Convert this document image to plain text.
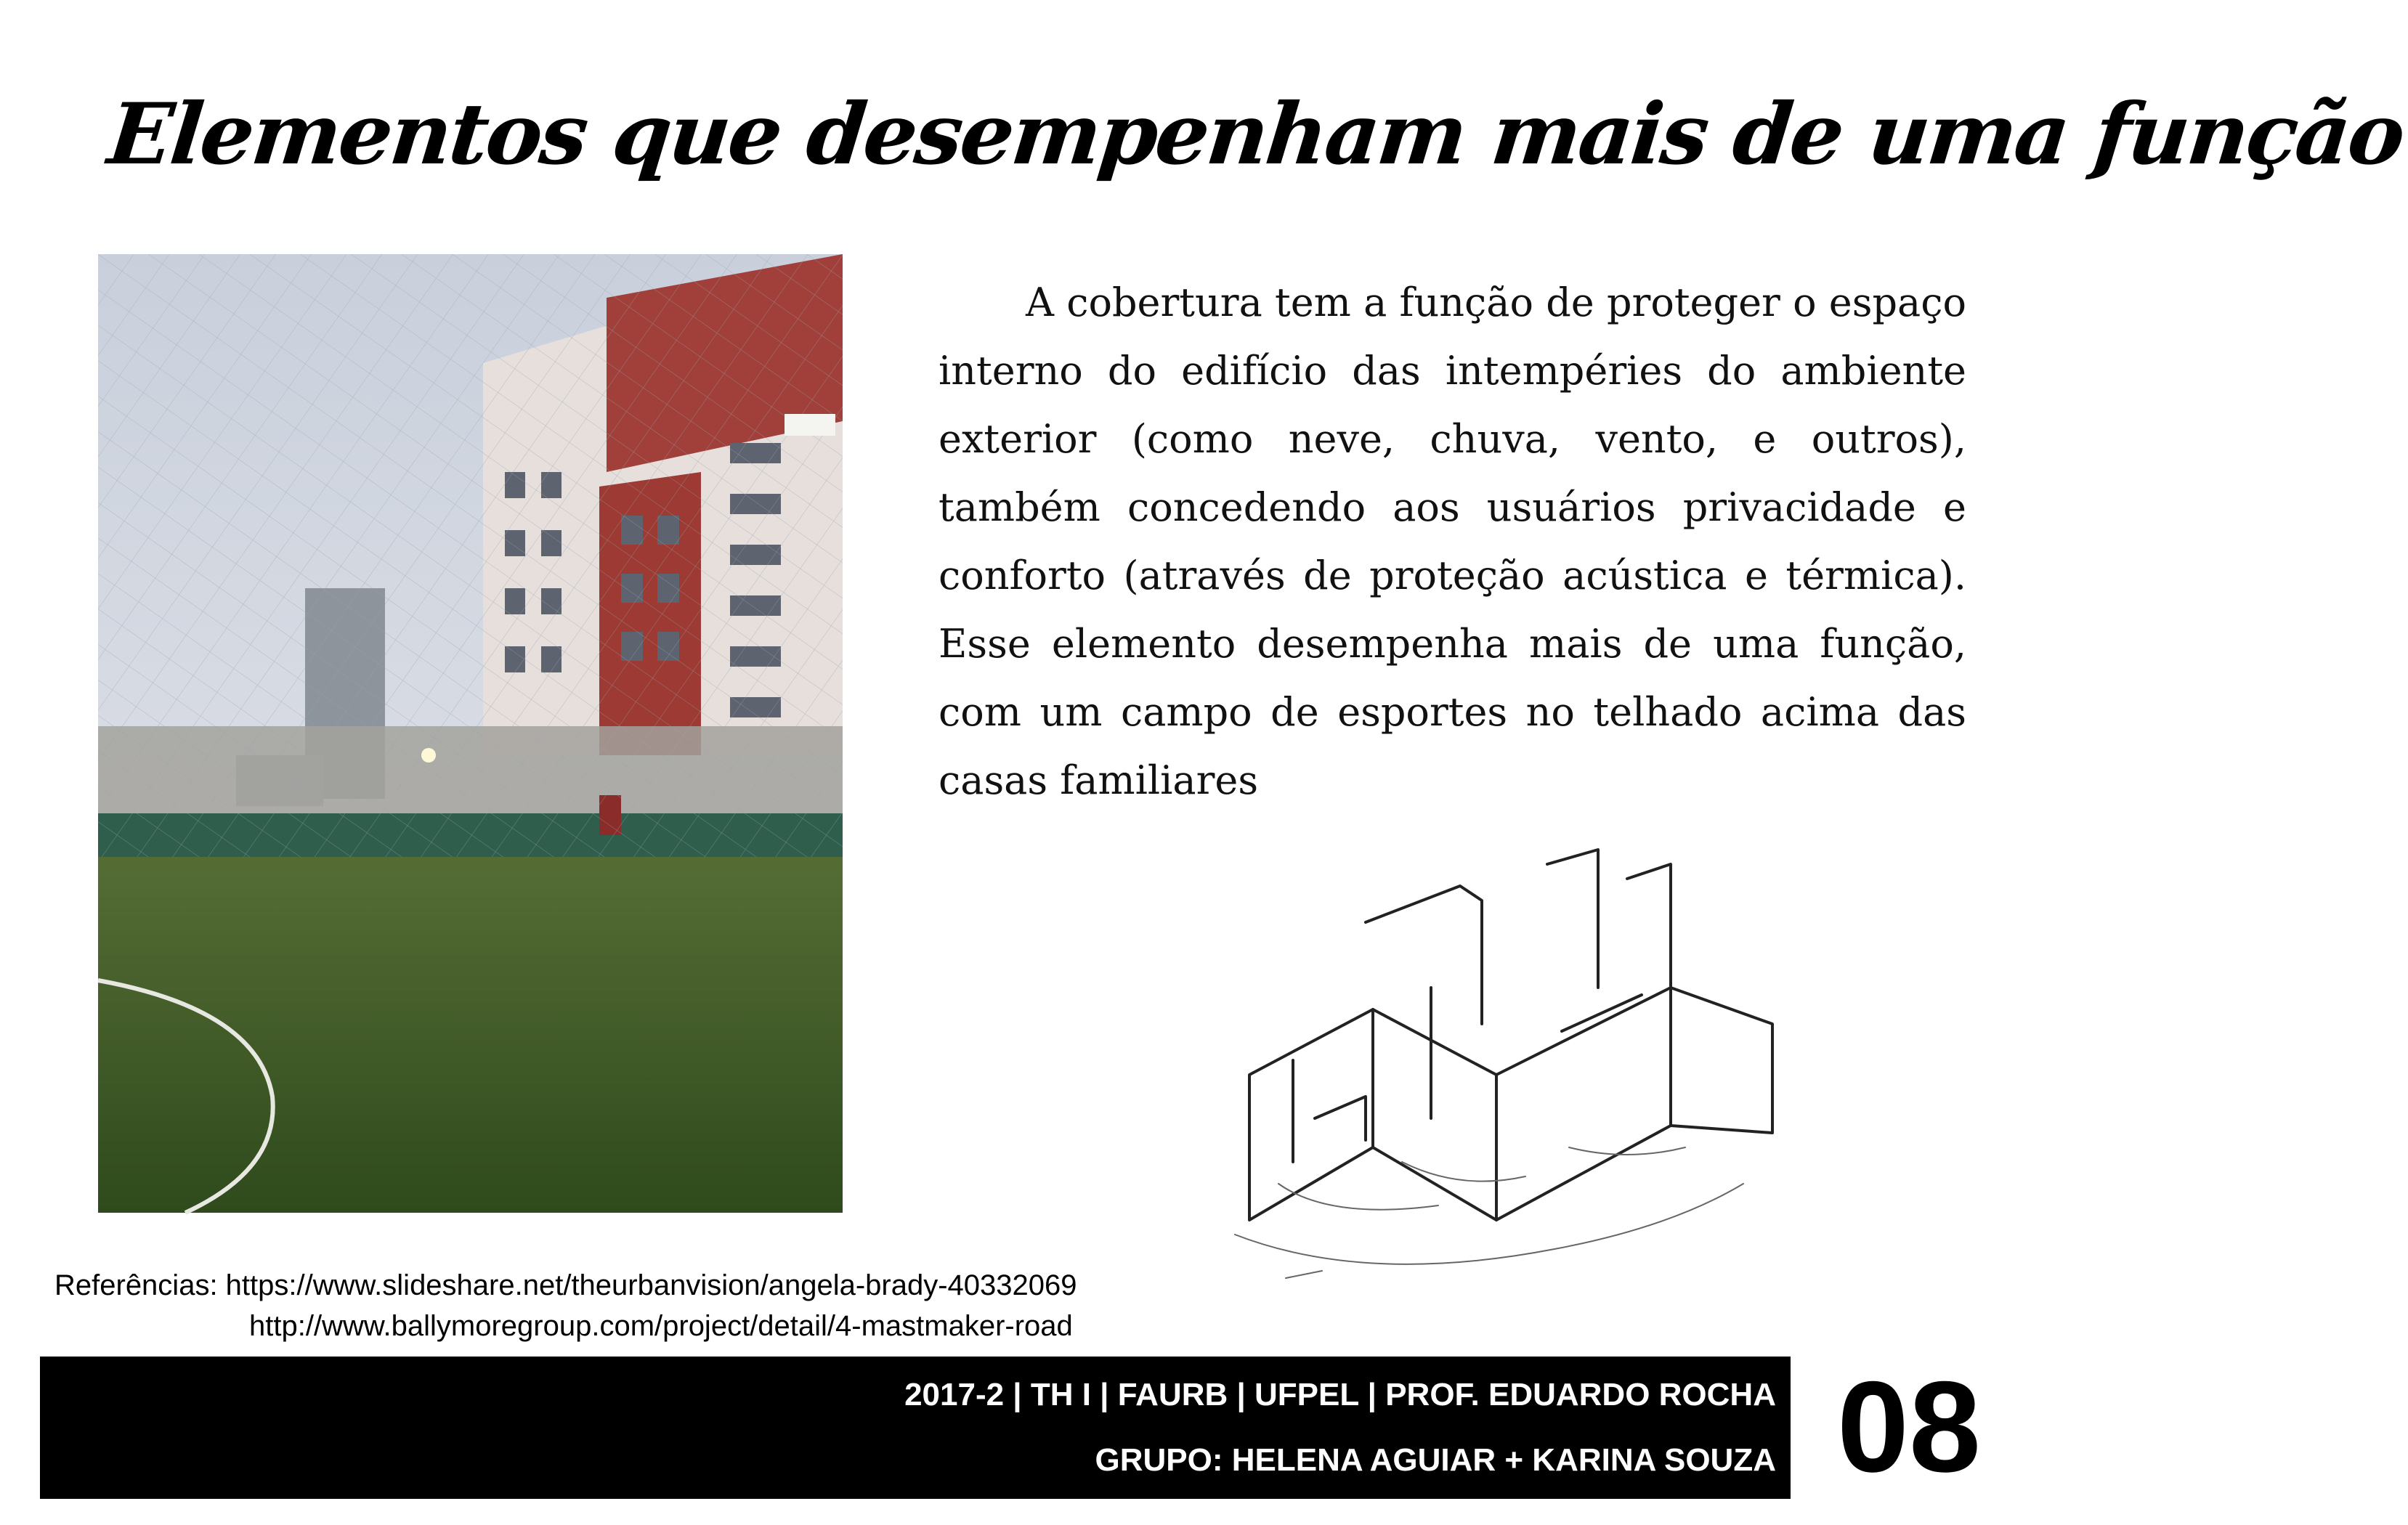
Elementos que desempenham mais de uma função
A cobertura tem a função de proteger o espaço interno do edifício das intempéries do ambiente exterior (como neve, chuva, vento, e outros), também concedendo aos usuários privacidade e conforto (através de proteção acústica e térmica). Esse elemento desempenha mais de uma função, com um campo de esportes no telhado acima das casas familiares
Referências: https://www.slideshare.net/theurbanvision/angela-brady-40332069
http://www.ballymoregroup.com/project/detail/4-mastmaker-road
2017-2 | TH I | FAURB | UFPEL | PROF. EDUARDO ROCHA
GRUPO: HELENA AGUIAR + KARINA SOUZA 08
